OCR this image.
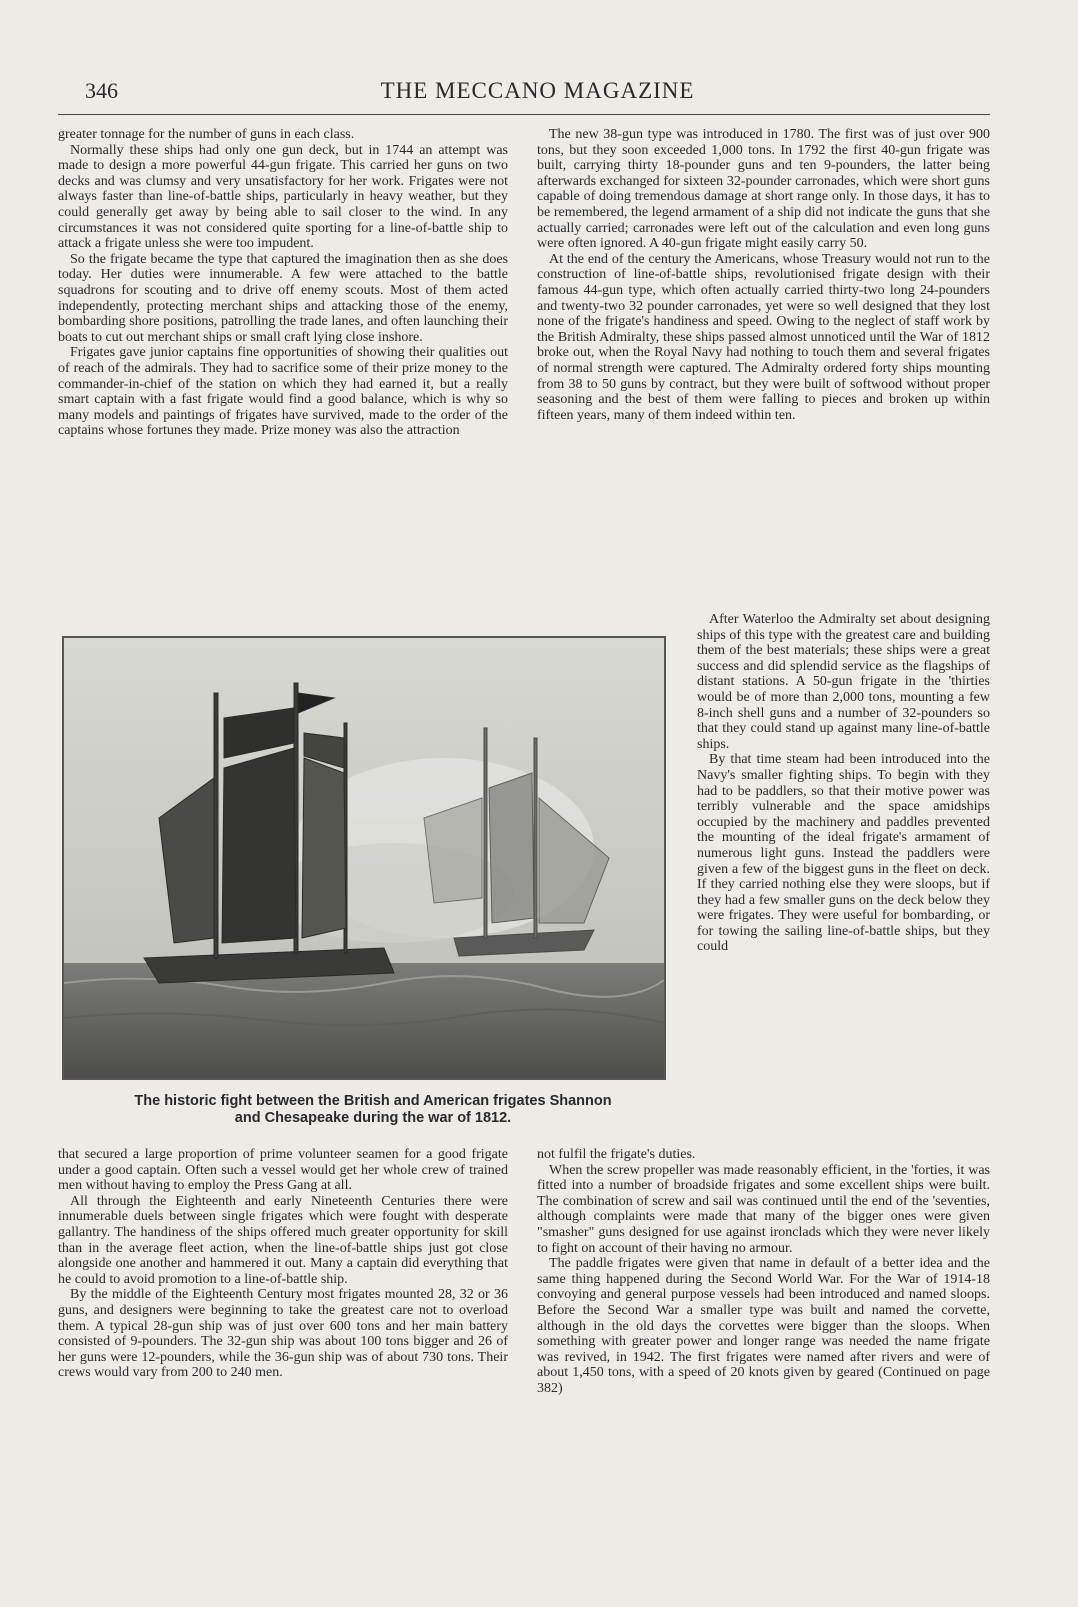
346	THE MECCANO MAGAZINE

greater tonnage for the number of guns in each class.

Normally these ships had only one gun deck, but in 1744 an attempt was made to design a more powerful 44-gun frigate. This carried her guns on two decks and was clumsy and very unsatisfactory for her work. Frigates were not always faster than line-of-battle ships, particularly in heavy weather, but they could generally get away by being able to sail closer to the wind. In any circumstances it was not considered quite sporting for a line-of-battle ship to attack a frigate unless she were too impudent.

So the frigate became the type that captured the imagination then as she does today. Her duties were innumerable. A few were attached to the battle squadrons for scouting and to drive off enemy scouts. Most of them acted independently, protecting merchant ships and attacking those of the enemy, bombarding shore positions, patrolling the trade lanes, and often launching their boats to cut out merchant ships or small craft lying close inshore.

Frigates gave junior captains fine opportunities of showing their qualities out of reach of the admirals. They had to sacrifice some of their prize money to the commander-in-chief of the station on which they had earned it, but a really smart captain with a fast frigate would find a good balance, which is why so many models and paintings of frigates have survived, made to the order of the captains whose fortunes they made. Prize money was also the attraction

The new 38-gun type was introduced in 1780. The first was of just over 900 tons, but they soon exceeded 1,000 tons. In 1792 the first 40-gun frigate was built, carrying thirty 18-pounder guns and ten 9-pounders, the latter being afterwards exchanged for sixteen 32-pounder carronades, which were short guns capable of doing tremendous damage at short range only. In those days, it has to be remembered, the legend armament of a ship did not indicate the guns that she actually carried; carronades were left out of the calculation and even long guns were often ignored. A 40-gun frigate might easily carry 50.

At the end of the century the Americans, whose Treasury would not run to the construction of line-of-battle ships, revolutionised frigate design with their famous 44-gun type, which often actually carried thirty-two long 24-pounders and twenty-two 32 pounder carronades, yet were so well designed that they lost none of the frigate's handiness and speed. Owing to the neglect of staff work by the British Admiralty, these ships passed almost unnoticed until the War of 1812 broke out, when the Royal Navy had nothing to touch them and several frigates of normal strength were captured. The Admiralty ordered forty ships mounting from 38 to 50 guns by contract, but they were built of softwood without proper seasoning and the best of them were falling to pieces and broken up within fifteen years, many of them indeed within ten.

After Waterloo the Admiralty set about designing ships of this type with the greatest care and building them of the best materials; these ships were a great success and did splendid service as the flagships of distant stations. A 50-gun frigate in the 'thirties would be of more than 2,000 tons, mounting a few 8-inch shell guns and a number of 32-pounders so that they could stand up against many line-of-battle ships.

By that time steam had been introduced into the Navy's smaller fighting ships. To begin with they had to be paddlers, so that their motive power was terribly vulnerable and the space amidships occupied by the machinery and paddles prevented the mounting of the ideal frigate's armament of numerous light guns. Instead the paddlers were given a few of the biggest guns in the fleet on deck. If they carried nothing else they were sloops, but if they had a few smaller guns on the deck below they were frigates. They were useful for bombarding, or for towing the sailing line-of-battle ships, but they could

The historic fight between the British and American frigates Shannon
and Chesapeake during the war of 1812.

that secured a large proportion of prime volunteer seamen for a good frigate under a good captain. Often such a vessel would get her whole crew of trained men without having to employ the Press Gang at all.

All through the Eighteenth and early Nineteenth Centuries there were innumerable duels between single frigates which were fought with desperate gallantry. The handiness of the ships offered much greater opportunity for skill than in the average fleet action, when the line-of-battle ships just got close alongside one another and hammered it out. Many a captain did everything that he could to avoid promotion to a line-of-battle ship.

By the middle of the Eighteenth Century most frigates mounted 28, 32 or 36 guns, and designers were beginning to take the greatest care not to overload them. A typical 28-gun ship was of just over 600 tons and her main battery consisted of 9-pounders. The 32-gun ship was about 100 tons bigger and 26 of her guns were 12-pounders, while the 36-gun ship was of about 730 tons. Their crews would vary from 200 to 240 men.

not fulfil the frigate's duties.

When the screw propeller was made reasonably efficient, in the 'forties, it was fitted into a number of broadside frigates and some excellent ships were built. The combination of screw and sail was continued until the end of the 'seventies, although complaints were made that many of the bigger ones were given "smasher" guns designed for use against ironclads which they were never likely to fight on account of their having no armour.

The paddle frigates were given that name in default of a better idea and the same thing happened during the Second World War. For the War of 1914-18 convoying and general purpose vessels had been introduced and named sloops. Before the Second War a smaller type was built and named the corvette, although in the old days the corvettes were bigger than the sloops. When something with greater power and longer range was needed the name frigate was revived, in 1942. The first frigates were named after rivers and were of about 1,450 tons, with a speed of 20 knots given by geared (Continued on page 382)
